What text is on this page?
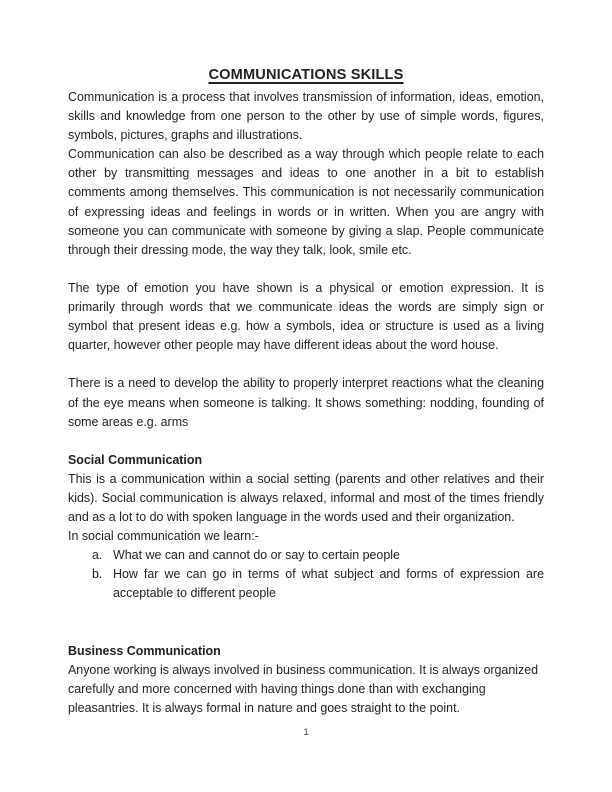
COMMUNICATIONS SKILLS

Communication is a process that involves transmission of information, ideas, emotion, skills and knowledge from one person to the other by use of simple words, figures, symbols, pictures, graphs and illustrations.

Communication can also be described as a way through which people relate to each other by transmitting messages and ideas to one another in a bit to establish comments among themselves. This communication is not necessarily communication of expressing ideas and feelings in words or in written. When you are angry with someone you can communicate with someone by giving a slap. People communicate through their dressing mode, the way they talk, look, smile etc.

The type of emotion you have shown is a physical or emotion expression. It is primarily through words that we communicate ideas the words are simply sign or symbol that present ideas e.g. how a symbols, idea or structure is used as a living quarter, however other people may have different ideas about the word house.

There is a need to develop the ability to properly interpret reactions what the cleaning of the eye means when someone is talking. It shows something: nodding, founding of some areas e.g. arms

Social Communication

This is a communication within a social setting (parents and other relatives and their kids). Social communication is always relaxed, informal and most of the times friendly and as a lot to do with spoken language in the words used and their organization.

In social communication we learn:-

a. What we can and cannot do or say to certain people
b. How far we can go in terms of what subject and forms of expression are acceptable to different people
Business Communication

Anyone working is always involved in business communication. It is always organized carefully and more concerned with having things done than with exchanging pleasantries. It is always formal in nature and goes straight to the point.

1
